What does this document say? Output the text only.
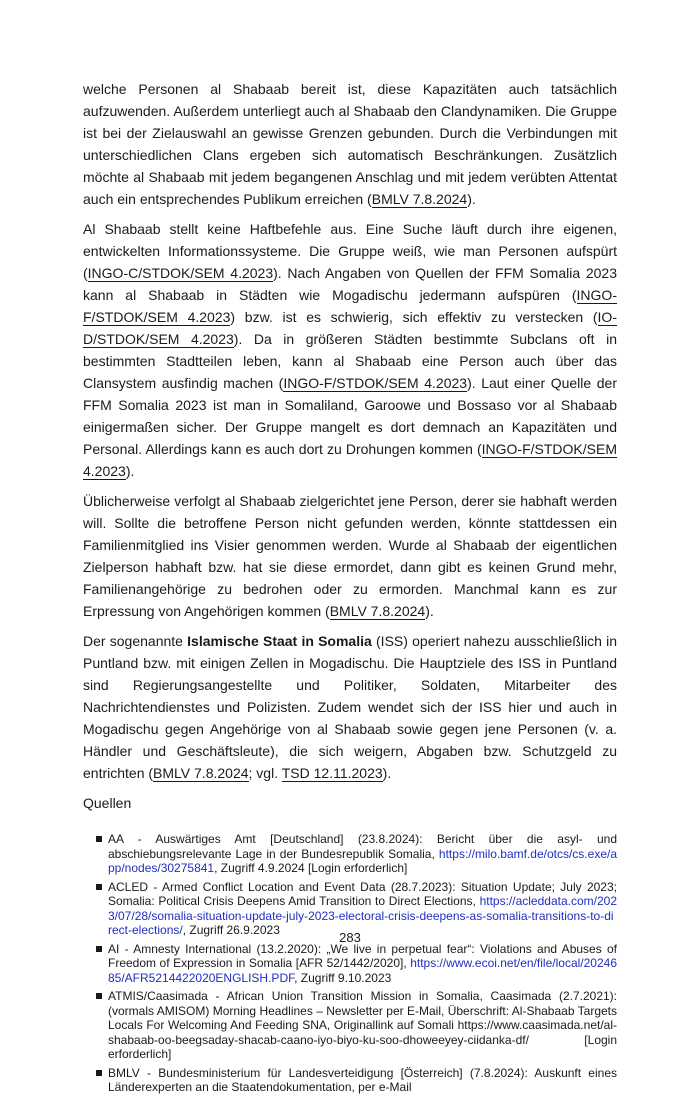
welche Personen al Shabaab bereit ist, diese Kapazitäten auch tatsächlich aufzuwenden. Außerdem unterliegt auch al Shabaab den Clandynamiken. Die Gruppe ist bei der Zielauswahl an gewisse Grenzen gebunden. Durch die Verbindungen mit unterschiedlichen Clans ergeben sich automatisch Beschränkungen. Zusätzlich möchte al Shabaab mit jedem begangenen Anschlag und mit jedem verübten Attentat auch ein entsprechendes Publikum erreichen (BMLV 7.8.2024).

Al Shabaab stellt keine Haftbefehle aus. Eine Suche läuft durch ihre eigenen, entwickelten Informationssysteme. Die Gruppe weiß, wie man Personen aufspürt (INGO-C/STDOK/SEM 4.2023). Nach Angaben von Quellen der FFM Somalia 2023 kann al Shabaab in Städten wie Mogadischu jedermann aufspüren (INGO-F/STDOK/SEM 4.2023) bzw. ist es schwierig, sich effektiv zu verstecken (IO-D/STDOK/SEM 4.2023). Da in größeren Städten bestimmte Subclans oft in bestimmten Stadtteilen leben, kann al Shabaab eine Person auch über das Clansystem ausfindig machen (INGO-F/STDOK/SEM 4.2023). Laut einer Quelle der FFM Somalia 2023 ist man in Somaliland, Garoowe und Bossaso vor al Shabaab einigermaßen sicher. Der Gruppe mangelt es dort demnach an Kapazitäten und Personal. Allerdings kann es auch dort zu Drohungen kommen (INGO-F/STDOK/SEM 4.2023).

Üblicherweise verfolgt al Shabaab zielgerichtet jene Person, derer sie habhaft werden will. Sollte die betroffene Person nicht gefunden werden, könnte stattdessen ein Familienmitglied ins Visier genommen werden. Wurde al Shabaab der eigentlichen Zielperson habhaft bzw. hat sie diese ermordet, dann gibt es keinen Grund mehr, Familienangehörige zu bedrohen oder zu ermorden. Manchmal kann es zur Erpressung von Angehörigen kommen (BMLV 7.8.2024).

Der sogenannte Islamische Staat in Somalia (ISS) operiert nahezu ausschließlich in Puntland bzw. mit einigen Zellen in Mogadischu. Die Hauptziele des ISS in Puntland sind Regierungsangestellte und Politiker, Soldaten, Mitarbeiter des Nachrichtendienstes und Polizisten. Zudem wendet sich der ISS hier und auch in Mogadischu gegen Angehörige von al Shabaab sowie gegen jene Personen (v. a. Händler und Geschäftsleute), die sich weigern, Abgaben bzw. Schutzgeld zu entrichten (BMLV 7.8.2024; vgl. TSD 12.11.2023).

Quellen
AA - Auswärtiges Amt [Deutschland] (23.8.2024): Bericht über die asyl- und abschiebungsrelevante Lage in der Bundesrepublik Somalia, https://milo.bamf.de/otcs/cs.exe/app/nodes/30275841, Zugriff 4.9.2024 [Login erforderlich]
ACLED - Armed Conflict Location and Event Data (28.7.2023): Situation Update; July 2023; Somalia: Political Crisis Deepens Amid Transition to Direct Elections, https://acleddata.com/2023/07/28/somalia-situation-update-july-2023-electoral-crisis-deepens-as-somalia-transitions-to-direct-elections/, Zugriff 26.9.2023
AI - Amnesty International (13.2.2020): „We live in perpetual fear“: Violations and Abuses of Freedom of Expression in Somalia [AFR 52/1442/2020], https://www.ecoi.net/en/file/local/2024685/AFR5214422020ENGLISH.PDF, Zugriff 9.10.2023
ATMIS/Caasimada - African Union Transition Mission in Somalia, Caasimada (2.7.2021): (vormals AMISOM) Morning Headlines – Newsletter per E-Mail, Überschrift: Al-Shabaab Targets Locals For Welcoming And Feeding SNA, Originallink auf Somali https://www.caasimada.net/al-shabaab-oo-beegsaday-shacab-caano-iyo-biyo-ku-soo-dhoweeyey-ciidanka-df/ [Login erforderlich]
BMLV - Bundesministerium für Landesverteidigung [Österreich] (7.8.2024): Auskunft eines Länderexperten an die Staatendokumentation, per e-Mail
283
